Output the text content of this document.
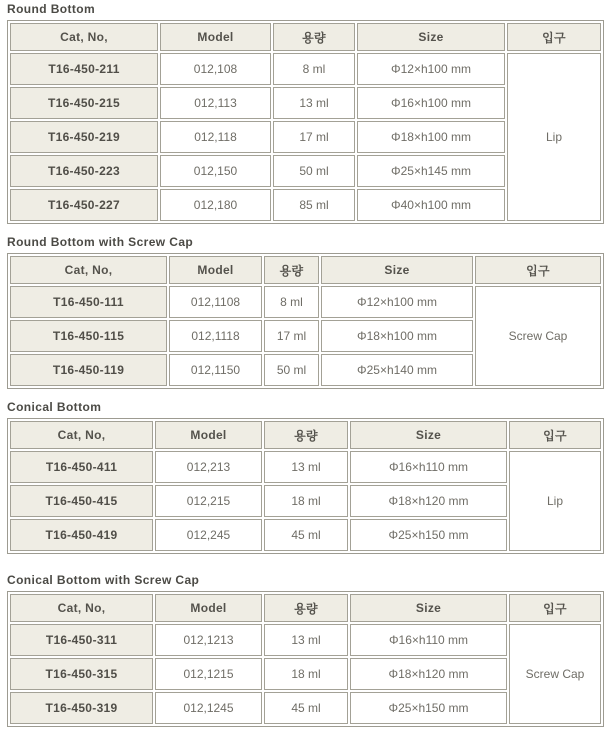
Round Bottom
Cat, No,	Model	용량	Size	입구
T16-450-211	012,108	8 ml	Φ12×h100 mm	Lip
T16-450-215	012,113	13 ml	Φ16×h100 mm	
T16-450-219	012,118	17 ml	Φ18×h100 mm	
T16-450-223	012,150	50 ml	Φ25×h145 mm	
T16-450-227	012,180	85 ml	Φ40×h100 mm	
Round Bottom with Screw Cap
Cat, No,	Model	용량	Size	입구
T16-450-111	012,1108	8 ml	Φ12×h100 mm	Screw Cap
T16-450-115	012,1118	17 ml	Φ18×h100 mm	
T16-450-119	012,1150	50 ml	Φ25×h140 mm	
Conical Bottom
Cat, No,	Model	용량	Size	입구
T16-450-411	012,213	13 ml	Φ16×h110 mm	Lip
T16-450-415	012,215	18 ml	Φ18×h120 mm	
T16-450-419	012,245	45 ml	Φ25×h150 mm	
Conical Bottom with Screw Cap
Cat, No,	Model	용량	Size	입구
T16-450-311	012,1213	13 ml	Φ16×h110 mm	Screw Cap
T16-450-315	012,1215	18 ml	Φ18×h120 mm	
T16-450-319	012,1245	45 ml	Φ25×h150 mm	
